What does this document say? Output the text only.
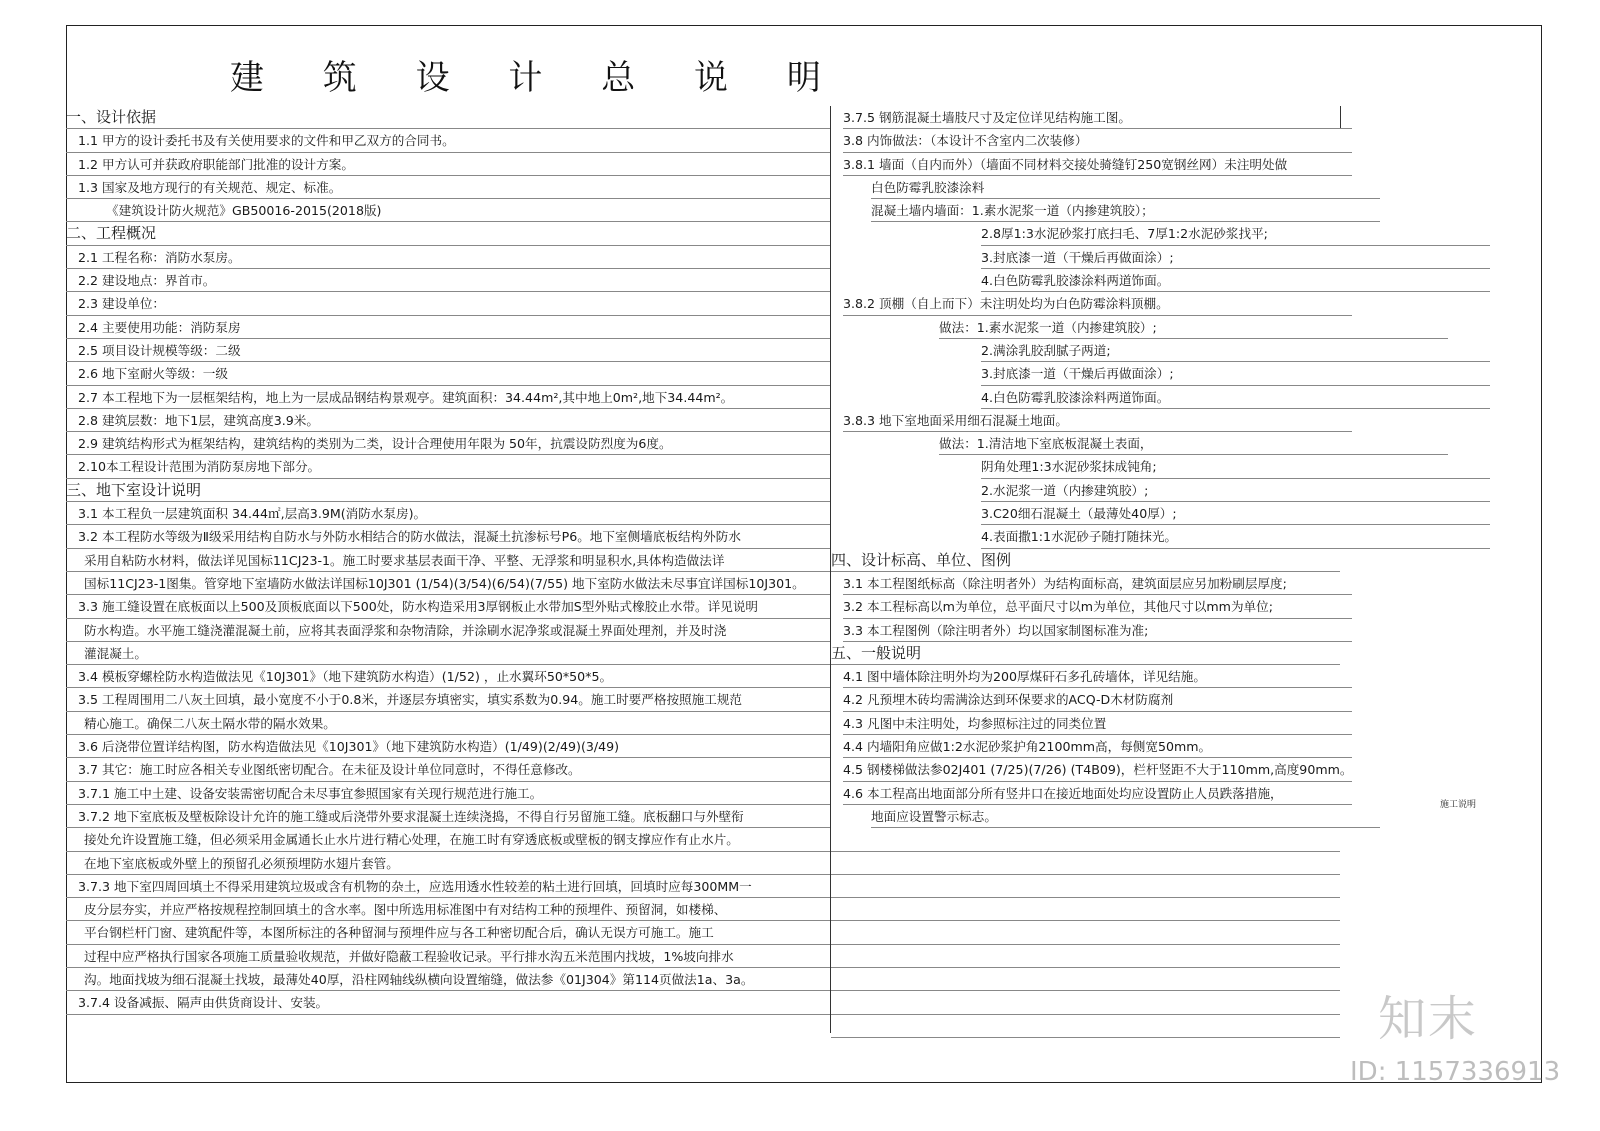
建 筑 设 计 总 说 明
一、设计依据
1.1 甲方的设计委托书及有关使用要求的文件和甲乙双方的合同书。
1.2 甲方认可并获政府职能部门批准的设计方案。
1.3 国家及地方现行的有关规范、规定、标准。
《建筑设计防火规范》GB50016-2015(2018版)
二、工程概况
2.1 工程名称：消防水泵房。
2.2 建设地点：界首市。
2.3 建设单位：
2.4 主要使用功能：消防泵房
2.5 项目设计规模等级：二级
2.6 地下室耐火等级：一级
2.7 本工程地下为一层框架结构，地上为一层成品钢结构景观亭。建筑面积：34.44m²,其中地上0m²,地下34.44m²。
2.8 建筑层数：地下1层，建筑高度3.9米。
2.9 建筑结构形式为框架结构，建筑结构的类别为二类，设计合理使用年限为 50年，抗震设防烈度为6度。
2.10本工程设计范围为消防泵房地下部分。
三、地下室设计说明
3.1 本工程负一层建筑面积 34.44㎡,层高3.9M(消防水泵房)。
3.2 本工程防水等级为Ⅱ级采用结构自防水与外防水相结合的防水做法，混凝土抗渗标号P6。地下室侧墙底板结构外防水
采用自粘防水材料，做法详见国标11CJ23-1。施工时要求基层表面干净、平整、无浮浆和明显积水,具体构造做法详
国标11CJ23-1图集。管穿地下室墙防水做法详国标10J301 (1/54)(3/54)(6/54)(7/55) 地下室防水做法未尽事宜详国标10J301。
3.3 施工缝设置在底板面以上500及顶板底面以下500处，防水构造采用3厚钢板止水带加S型外贴式橡胶止水带。详见说明
防水构造。水平施工缝浇灌混凝土前，应将其表面浮浆和杂物清除，并涂刷水泥净浆或混凝土界面处理剂，并及时浇
灌混凝土。
3.4 模板穿螺栓防水构造做法见《10J301》（地下建筑防水构造）(1/52) ，止水翼环50*50*5。
3.5 工程周围用二八灰土回填，最小宽度不小于0.8米，并逐层夯填密实，填实系数为0.94。施工时要严格按照施工规范
精心施工。确保二八灰土隔水带的隔水效果。
3.6 后浇带位置详结构图，防水构造做法见《10J301》（地下建筑防水构造）(1/49)(2/49)(3/49)
3.7 其它：施工时应各相关专业图纸密切配合。在未征及设计单位同意时，不得任意修改。
3.7.1 施工中土建、设备安装需密切配合未尽事宜参照国家有关现行规范进行施工。
3.7.2 地下室底板及壁板除设计允许的施工缝或后浇带外要求混凝土连续浇捣，不得自行另留施工缝。底板翻口与外壁衔
接处允许设置施工缝，但必须采用金属通长止水片进行精心处理，在施工时有穿透底板或壁板的钢支撑应作有止水片。
在地下室底板或外壁上的预留孔必须预埋防水翅片套管。
3.7.3 地下室四周回填土不得采用建筑垃圾或含有机物的杂土，应选用透水性较差的粘土进行回填，回填时应每300MM一
皮分层夯实，并应严格按规程控制回填土的含水率。图中所选用标准图中有对结构工种的预埋件、预留洞，如楼梯、
平台钢栏杆门窗、建筑配件等，本图所标注的各种留洞与预埋件应与各工种密切配合后，确认无误方可施工。施工
过程中应严格执行国家各项施工质量验收规范，并做好隐蔽工程验收记录。平行排水沟五米范围内找坡，1%坡向排水
沟。地面找坡为细石混凝土找坡，最薄处40厚，沿柱网轴线纵横向设置缩缝，做法参《01J304》第114页做法1a、3a。
3.7.4 设备减振、隔声由供货商设计、安装。
3.7.5 钢筋混凝土墙肢尺寸及定位详见结构施工图。
3.8 内饰做法：（本设计不含室内二次装修）
3.8.1 墙面（自内而外）（墙面不同材料交接处骑缝钉250宽钢丝网）未注明处做
白色防霉乳胶漆涂料
混凝土墙内墙面：1.素水泥浆一道（内掺建筑胶）；
2.8厚1:3水泥砂浆打底扫毛、7厚1:2水泥砂浆找平;
3.封底漆一道（干燥后再做面涂）;
4.白色防霉乳胶漆涂料两道饰面。
3.8.2 顶棚（自上而下）未注明处均为白色防霉涂料顶棚。
做法：1.素水泥浆一道（内掺建筑胶）;
2.满涂乳胶刮腻子两道;
3.封底漆一道（干燥后再做面涂）;
4.白色防霉乳胶漆涂料两道饰面。
3.8.3 地下室地面采用细石混凝土地面。
做法：1.清洁地下室底板混凝土表面，
阴角处理1:3水泥砂浆抹成钝角;
2.水泥浆一道（内掺建筑胶）;
3.C20细石混凝土（最薄处40厚）;
4.表面撒1:1水泥砂子随打随抹光。
四、设计标高、单位、图例
3.1 本工程图纸标高（除注明者外）为结构面标高，建筑面层应另加粉刷层厚度;
3.2 本工程标高以m为单位，总平面尺寸以m为单位，其他尺寸以mm为单位;
3.3 本工程图例（除注明者外）均以国家制图标准为准;
五、一般说明
4.1 图中墙体除注明外均为200厚煤矸石多孔砖墙体，详见结施。
4.2 凡预埋木砖均需满涂达到环保要求的ACQ-D木材防腐剂
4.3 凡图中未注明处，均参照标注过的同类位置
4.4 内墙阳角应做1:2水泥砂浆护角2100mm高，每侧宽50mm。
4.5 钢楼梯做法参02J401 (7/25)(7/26) (T4B09)，栏杆竖距不大于110mm,高度90mm。
4.6 本工程高出地面部分所有竖井口在接近地面处均应设置防止人员跌落措施，
地面应设置警示标志。
施工说明
知末
ID: 1157336913
